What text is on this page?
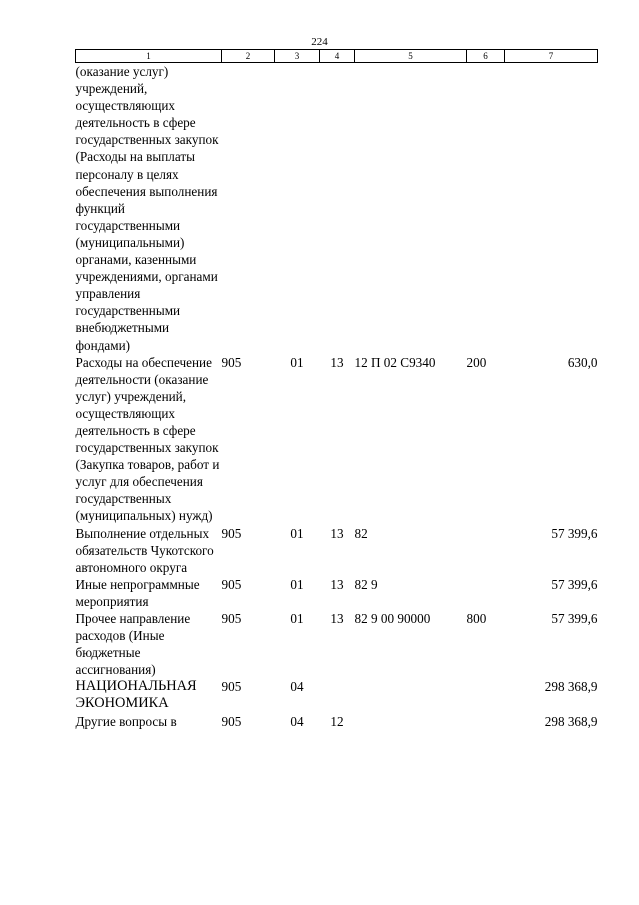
224
1	2	3	4	5	6	7

(оказание услуг) учреждений, осуществляющих деятельность в сфере государственных закупок (Расходы на выплаты персоналу в целях обеспечения выполнения функций государственными (муниципальными) органами, казенными учреждениями, органами управления государственными внебюджетными фондами)						

Расходы на обеспечение деятельности (оказание услуг) учреждений, осуществляющих деятельность в сфере государственных закупок (Закупка товаров, работ и услуг для обеспечения государственных (муниципальных) нужд)	905	01	13	12 П 02 С9340	200	630,0

Выполнение отдельных обязательств Чукотского автономного округа	905	01	13	82		57 399,6

Иные непрограммные мероприятия	905	01	13	82 9		57 399,6

Прочее направление расходов (Иные бюджетные ассигнования)	905	01	13	82 9 00 90000	800	57 399,6

НАЦИОНАЛЬНАЯ ЭКОНОМИКА	905	04				298 368,9

Другие вопросы в	905	04	12			298 368,9
